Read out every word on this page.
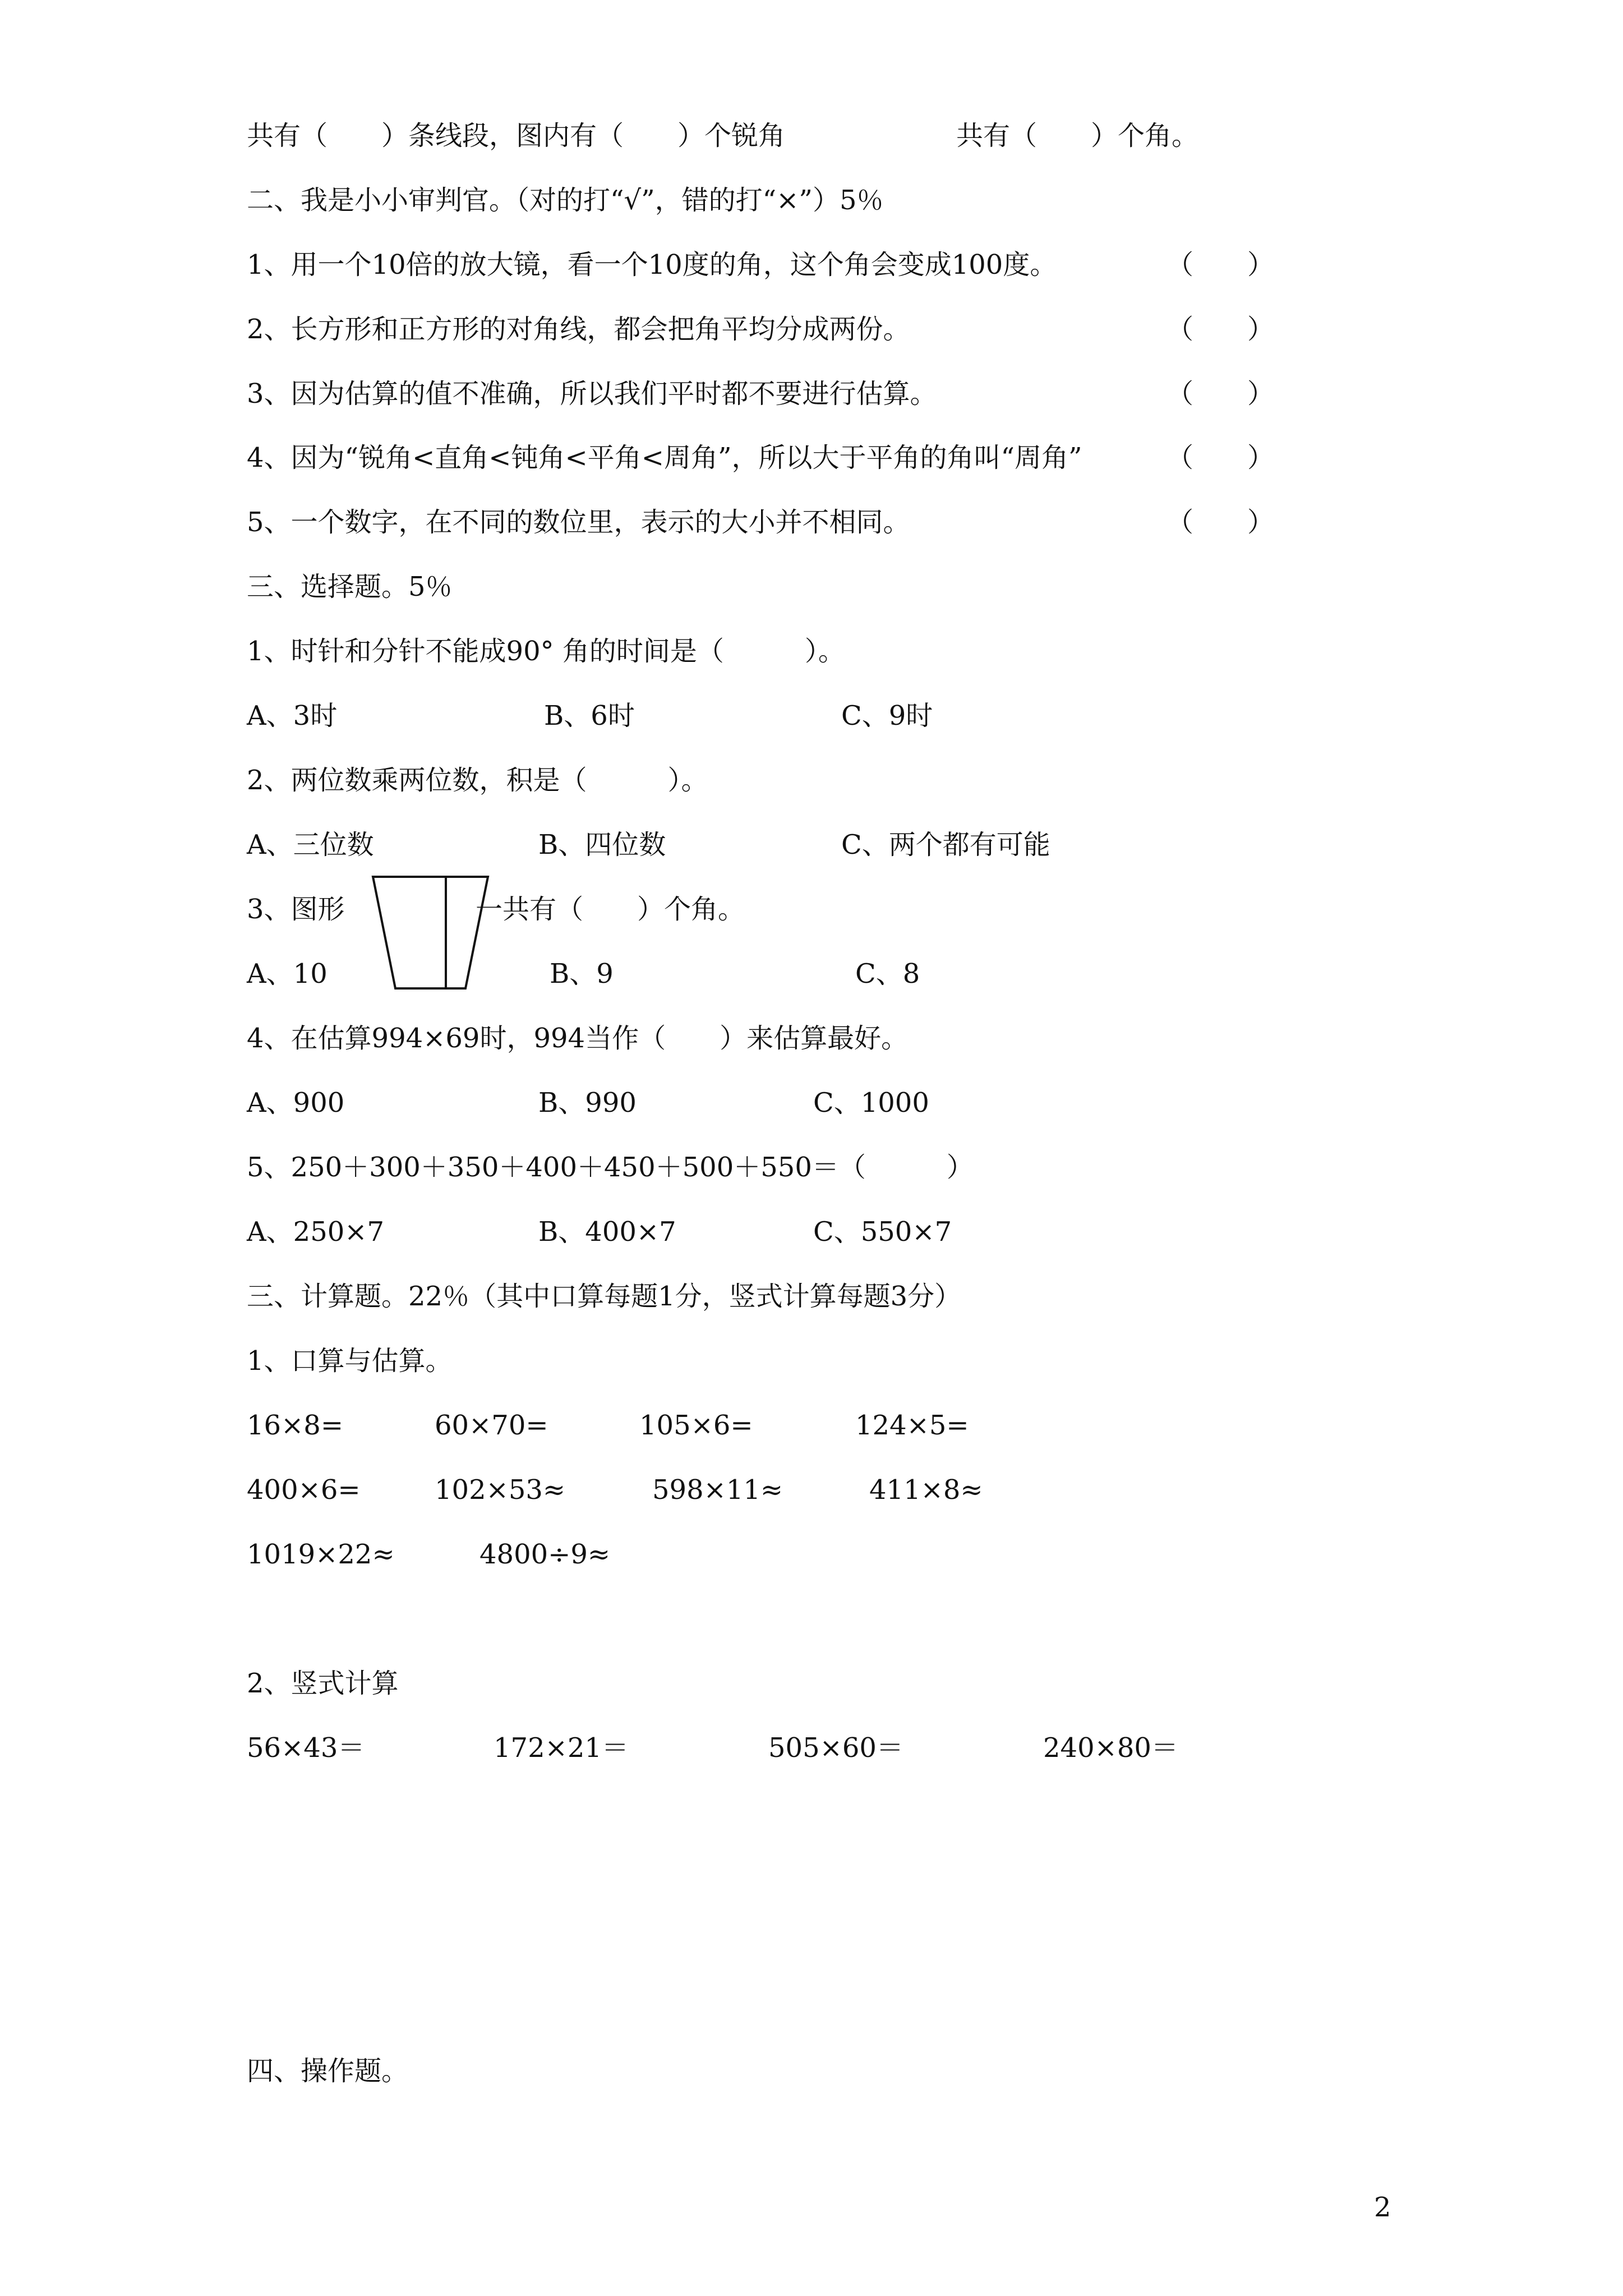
共有（　　）条线段，图内有（　　）个锐角	共有（　　）个角。
二、我是小小审判官。（对的打“√”，错的打“×”）5％
1、用一个10倍的放大镜，看一个10度的角，这个角会变成100度。	（　　）
2、长方形和正方形的对角线，都会把角平均分成两份。	（　　）
3、因为估算的值不准确，所以我们平时都不要进行估算。	（　　）
4、因为“锐角<直角<钝角<平角<周角”，所以大于平角的角叫“周角”	（　　）
5、一个数字，在不同的数位里，表示的大小并不相同。	（　　）
三、选择题。5％
1、时针和分针不能成90° 角的时间是（　　　）。
A、3时	B、6时	C、9时
2、两位数乘两位数，积是（　　　）。
A、三位数	B、四位数	C、两个都有可能
3、图形	一共有（　　）个角。
A、10	B、9	C、8
4、在估算994×69时，994当作（　　）来估算最好。
A、900	B、990	C、1000
5、250＋300＋350＋400＋450＋500＋550＝（　　　）
A、250×7	B、400×7	C、550×7
三、计算题。22％（其中口算每题1分，竖式计算每题3分）
1、口算与估算。
16×8=	60×70=	105×6=	124×5=
400×6=	102×53≈	598×11≈	411×8≈
1019×22≈	4800÷9≈
2、竖式计算
56×43＝	172×21＝	505×60＝	240×80＝
四、操作题。
2
